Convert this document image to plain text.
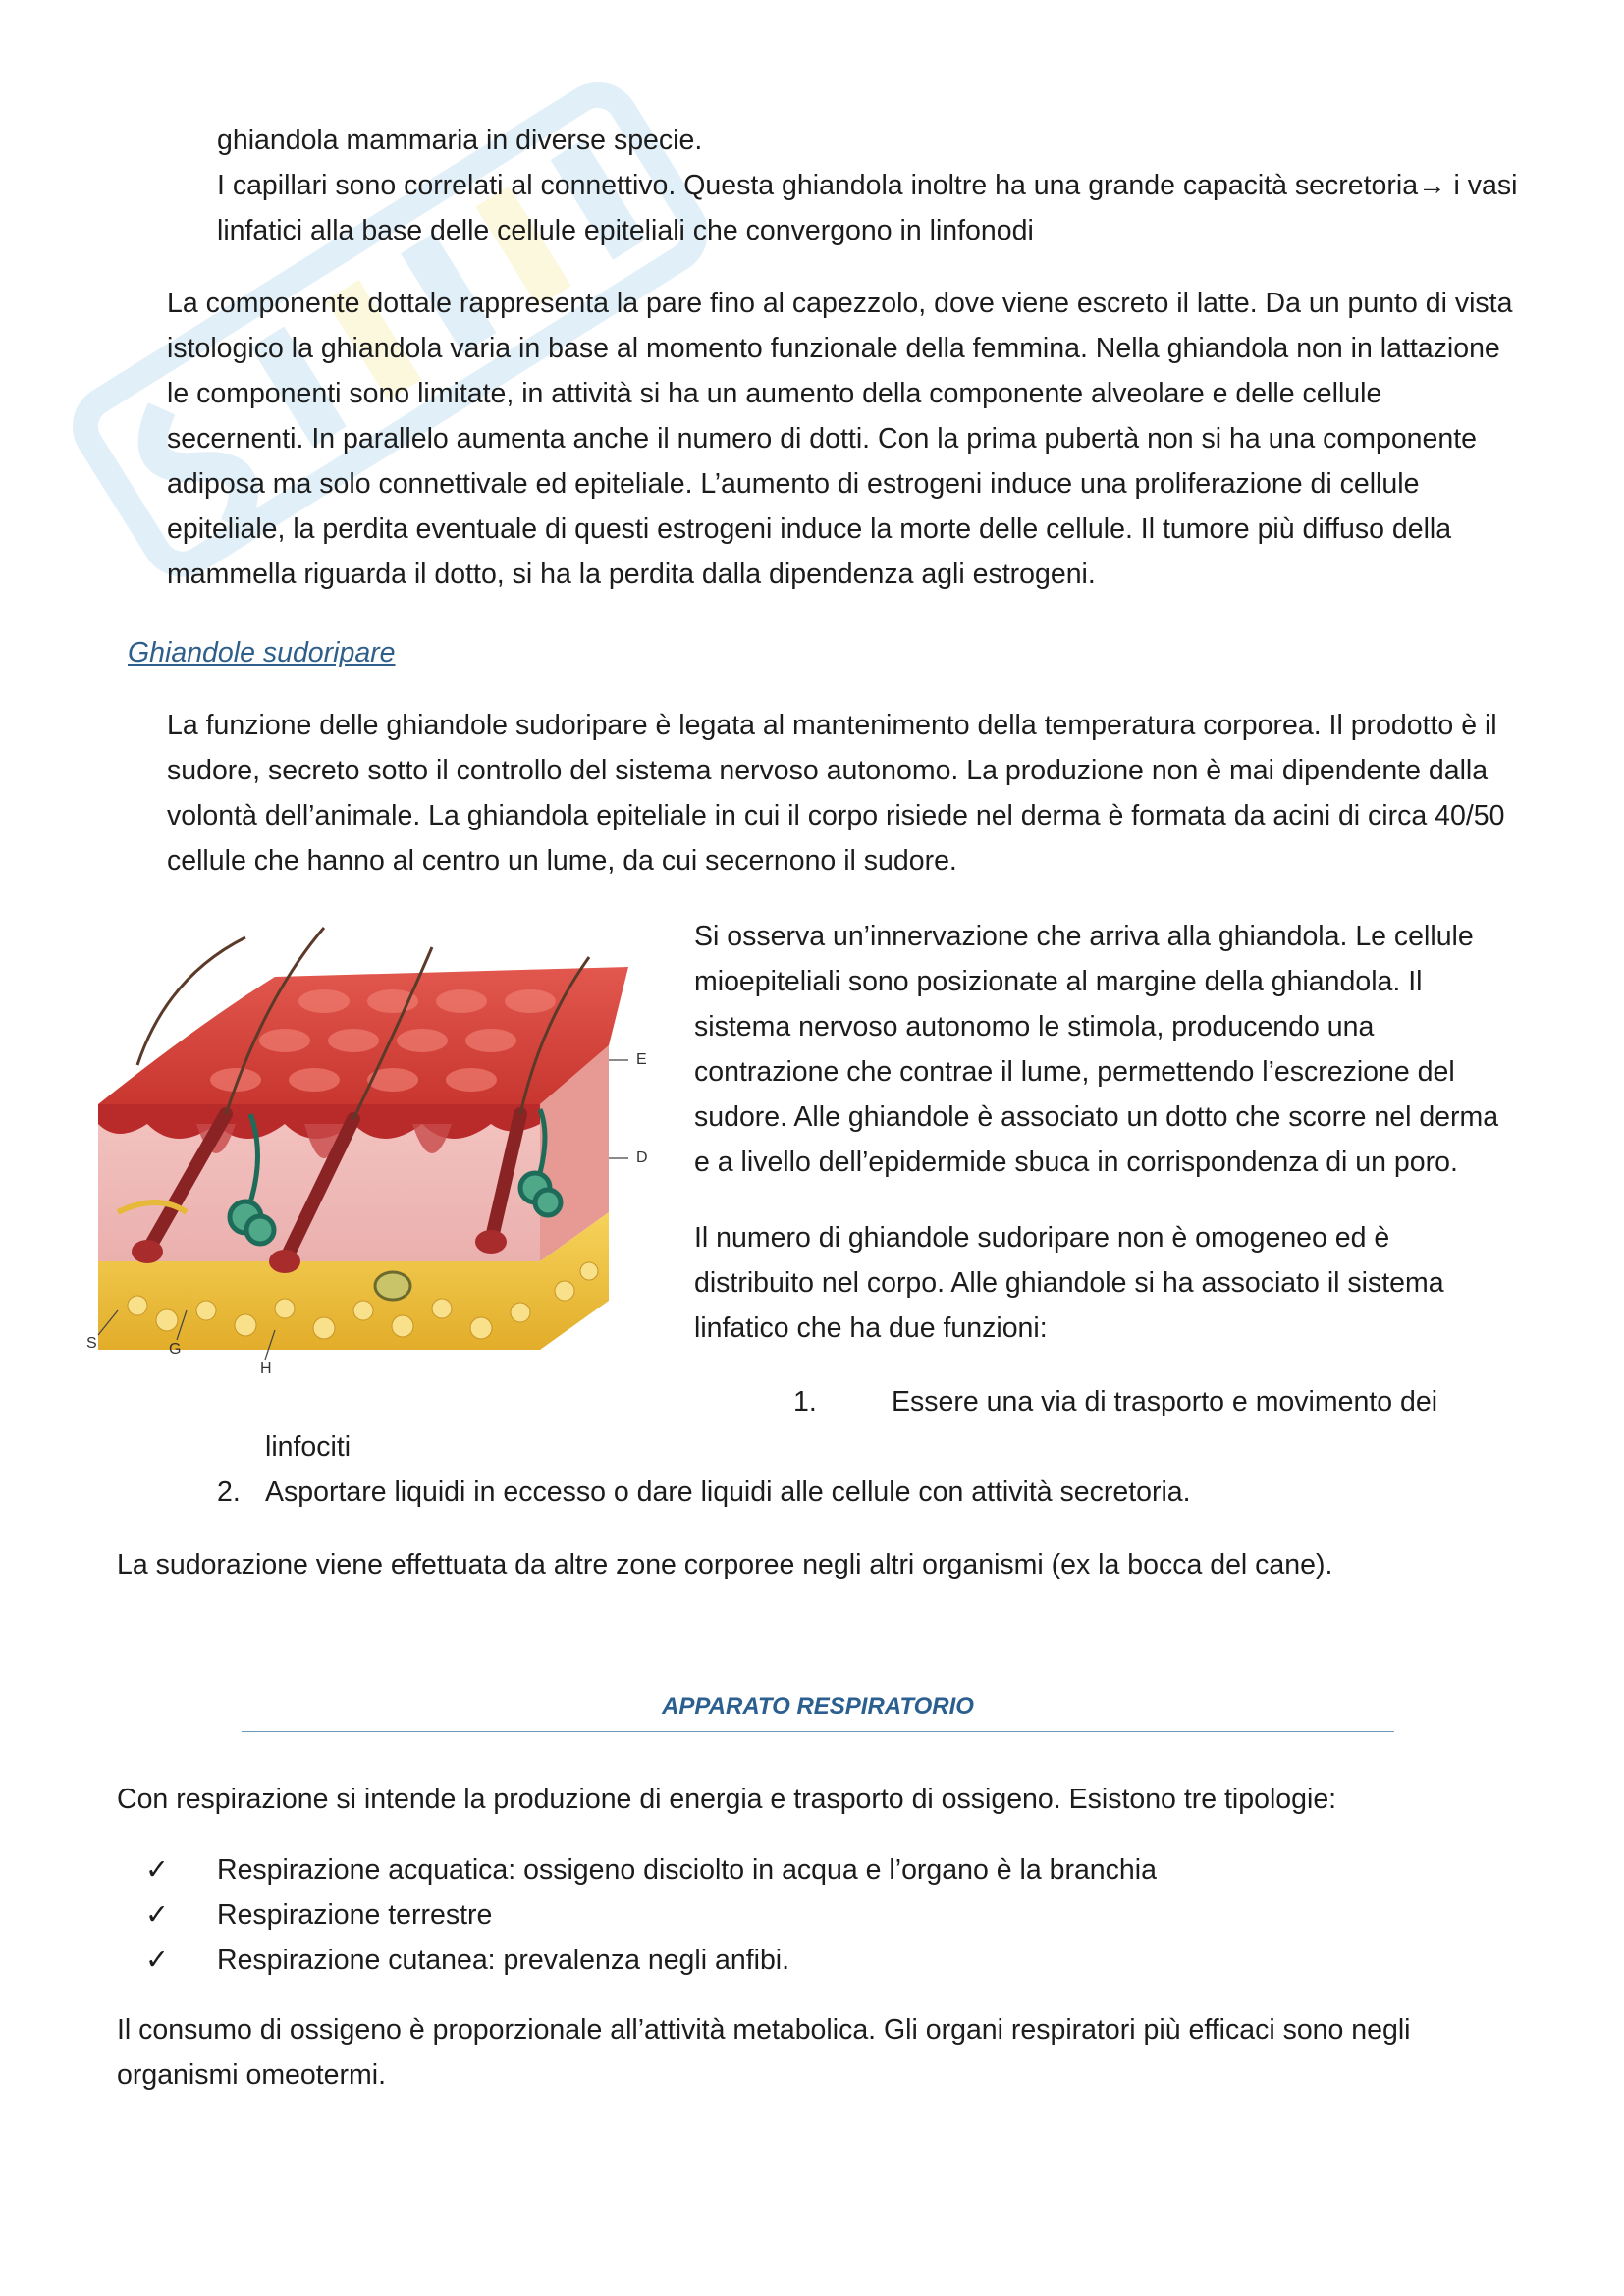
ghiandola mammaria in diverse specie.

I capillari sono correlati al connettivo. Questa ghiandola inoltre ha una grande capacità secretoria→ i vasi

linfatici alla base delle cellule epiteliali che convergono in linfonodi

La componente dottale rappresenta la pare fino al capezzolo, dove viene escreto il latte. Da un punto di vista
istologico la ghiandola varia in base al momento funzionale della femmina. Nella ghiandola non in lattazione
le componenti sono limitate, in attività si ha un aumento della componente alveolare e delle cellule
secernenti. In parallelo aumenta anche il numero di dotti. Con la prima pubertà non si ha una componente
adiposa ma solo connettivale ed epiteliale. L’aumento di estrogeni induce una proliferazione di cellule
epiteliale, la perdita eventuale di questi estrogeni induce la morte delle cellule. Il tumore più diffuso della
mammella riguarda il dotto, si ha la perdita dalla dipendenza agli estrogeni.
Ghiandole sudoripare
La funzione delle ghiandole sudoripare è legata al mantenimento della temperatura corporea. Il prodotto è il
sudore, secreto sotto il controllo del sistema nervoso autonomo. La produzione non è mai dipendente dalla
volontà dell’animale. La ghiandola epiteliale in cui il corpo risiede nel derma è formata da acini di circa 40/50
cellule che hanno al centro un lume, da cui secernono il sudore.
E
D
S	G
H
Si osserva un’innervazione che arriva alla ghiandola. Le cellule
mioepiteliali sono posizionate al margine della ghiandola. Il
sistema nervoso autonomo le stimola, producendo una
contrazione che contrae il lume, permettendo l’escrezione del
sudore. Alle ghiandole è associato un dotto che scorre nel derma
e a livello dell’epidermide sbuca in corrispondenza di un poro.
Il numero di ghiandole sudoripare non è omogeneo ed è
distribuito nel corpo. Alle ghiandole si ha associato il sistema
linfatico che ha due funzioni:
1.	Essere una via di trasporto e movimento dei
linfociti
2. Asportare liquidi in eccesso o dare liquidi alle cellule con attività secretoria.

La sudorazione viene effettuata da altre zone corporee negli altri organismi (ex la bocca del cane).

APPARATO RESPIRATORIO

Con respirazione si intende la produzione di energia e trasporto di ossigeno. Esistono tre tipologie:

✓ Respirazione acquatica: ossigeno disciolto in acqua e l’organo è la branchia
✓ Respirazione terrestre
✓ Respirazione cutanea: prevalenza negli anfibi.
Il consumo di ossigeno è proporzionale all’attività metabolica. Gli organi respiratori più efficaci sono negli
organismi omeotermi.
